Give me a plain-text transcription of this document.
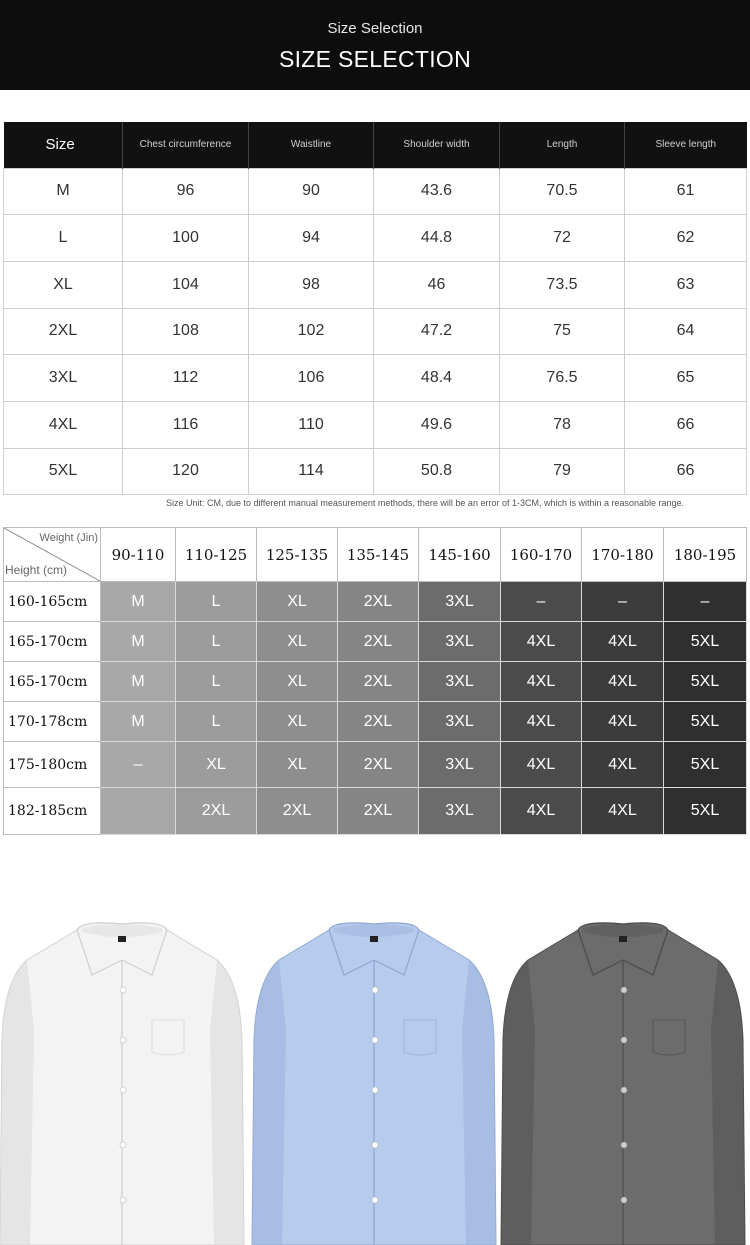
Size Selection
SIZE SELECTION
Size	Chest circumference	Waistline	Shoulder width	Length	Sleeve length
M	96	90	43.6	70.5	61
L	100	94	44.8	72	62
XL	104	98	46	73.5	63
2XL	108	102	47.2	75	64
3XL	112	106	48.4	76.5	65
4XL	116	110	49.6	78	66
5XL	120	114	50.8	79	66
Size Unit: CM, due to different manual measurement methods, there will be an error of 1-3CM, which is within a reasonable range.
Weight (Jin)
Height (cm)	90-110	110-125	125-135	135-145	145-160	160-170	170-180	180-195
160-165cm	M	L	XL	2XL	3XL	–	–	–
165-170cm	M	L	XL	2XL	3XL	4XL	4XL	5XL
165-170cm	M	L	XL	2XL	3XL	4XL	4XL	5XL
170-178cm	M	L	XL	2XL	3XL	4XL	4XL	5XL
175-180cm	–	XL	XL	2XL	3XL	4XL	4XL	5XL
182-185cm		2XL	2XL	2XL	3XL	4XL	4XL	5XL
